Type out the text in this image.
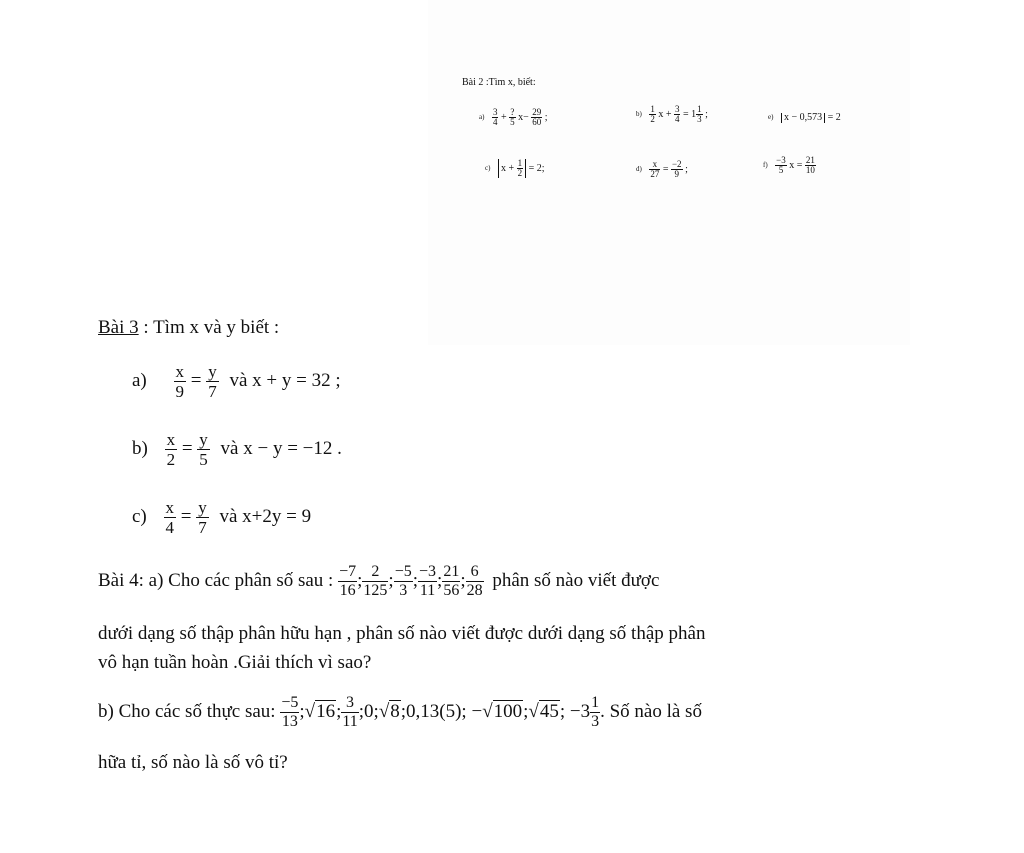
Bài 2 :Tìm x, biết:
$a) \frac{3}{4} + \frac{?}{5} x- \frac{29}{60}$ ;	$b) \frac{1}{2}$ $x + \frac{3}{4} = 1 \frac{1}{3}$ ;	e) x − 0,573 = 2
c) $x + \frac{1}{2} = 2$;	$d) \frac{x}{27} = \frac{-2}{9}$ ;	$f) \frac{-3}{5}$ $x = \frac{21}{10}$
Bài 3 : Tìm x và y biết :
$a) \frac{x}{9} = \frac{y}{7}$ và x + y = 32 ;
$b) \frac{x}{2} = \frac{y}{5}$ và x − y = −12 .
$c) \frac{x}{4} = \frac{y}{7}$ và x+2y = 9
Bài 4: a) Cho các phân số sau : $\frac{-7}{16}$ ; $\frac{2}{125}$ ; $\frac{-5}{3}$ ; $\frac{-3}{11}$ ; $\frac{21}{56}$ ; $\frac{6}{28}$ phân số nào viết được
dưới dạng số thập phân hữu hạn , phân số nào viết được dưới dạng số thập phân
vô hạn tuần hoàn .Giải thích vì sao?
b) Cho các số thực sau: $\frac{-5}{13}$ ;√16; $\frac{3}{11}$ ;0;√8;0,13(5); −√100;√45; $-3 \frac{1}{3}$ . Số nào là số
hữa tỉ, số nào là số vô tỉ?
